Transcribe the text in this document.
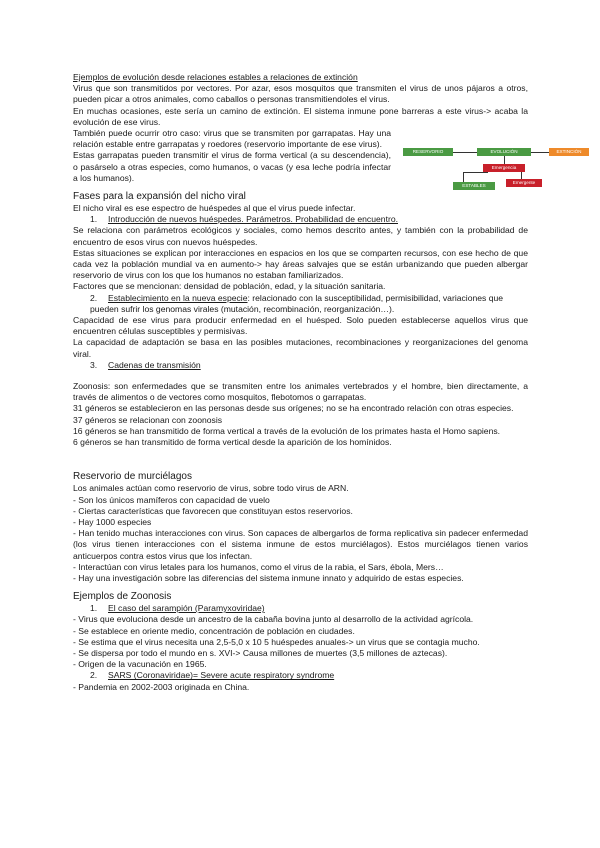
Ejemplos de evolución desde relaciones estables a relaciones de extinción

Virus que son transmitidos por vectores. Por azar, esos mosquitos que transmiten el virus de unos pájaros a otros, pueden picar a otros animales, como caballos o personas transmitiendoles el virus.

En muchas ocasiones, este sería un camino de extinción. El sistema inmune pone barreras a este virus-> acaba la evolución de ese virus.

También puede ocurrir otro caso: virus que se transmiten por garrapatas. Hay una relación estable entre garrapatas y roedores (reservorio importante de ese virus).

Estas garrapatas pueden transmitir el virus de forma vertical (a su descendencia), o pasárselo a otras especies, como humanos, o vacas (y esa leche podría infectar a los humanos).

Fases para la expansión del nicho viral

El nicho viral es ese espectro de huéspedes al que el virus puede infectar.

1. Introducción de nuevos huéspedes. Parámetros. Probabilidad de encuentro.

Se relaciona con parámetros ecológicos y sociales, como hemos descrito antes, y también con la probabilidad de encuentro de esos virus con nuevos huéspedes.

Estas situaciones se explican por interacciones en espacios en los que se comparten recursos, con ese hecho de que cada vez la población mundial va en aumento-> hay áreas salvajes que se están urbanizando que pueden albergar reservorio de virus con los que los humanos no estaban familiarizados.

Factores que se mencionan: densidad de población, edad, y la situación sanitaria.

2. Establecimiento en la nueva especie: relacionado con la susceptibilidad, permisibilidad, variaciones que pueden sufrir los genomas virales (mutación, recombinación, reorganización…).

Capacidad de ese virus para producir enfermedad en el huésped. Solo pueden establecerse aquellos virus que encuentren células susceptibles y permisivas.

La capacidad de adaptación se basa en las posibles mutaciones, recombinaciones y reorganizaciones del genoma viral.

3. Cadenas de transmisión

Zoonosis: son enfermedades que se transmiten entre los animales vertebrados y el hombre, bien directamente, a través de alimentos o de vectores como mosquitos, flebotomos o garrapatas.

31 géneros se establecieron en las personas desde sus orígenes; no se ha encontrado relación con otras especies.

37 géneros se relacionan con zoonosis

16 géneros se han transmitido de forma vertical a través de la evolución de los primates hasta el Homo sapiens.

6 géneros se han transmitido de forma vertical desde la aparición de los homínidos.

Reservorio de murciélagos

Los animales actúan como reservorio de virus, sobre todo virus de ARN.

- Son los únicos mamíferos con capacidad de vuelo

- Ciertas características que favorecen que constituyan estos reservorios.

- Hay 1000 especies

- Han tenido muchas interacciones con virus. Son capaces de albergarlos de forma replicativa sin padecer enfermedad (los virus tienen interacciones con el sistema inmune de estos murciélagos). Estos murciélagos tienen varios anticuerpos contra estos virus que los infectan.

- Interactúan con virus letales para los humanos, como el virus de la rabia, el Sars, ébola, Mers…

- Hay una investigación sobre las diferencias del sistema inmune innato y adquirido de estas especies.

Ejemplos de Zoonosis

1. El caso del sarampión (Paramyxoviridae)

- Virus que evoluciona desde un ancestro de la cabaña bovina junto al desarrollo de la actividad agrícola.

- Se establece en oriente medio, concentración de población en ciudades.

- Se estima que el virus necesita una 2,5-5,0 x 10 5 huéspedes anuales-> un virus que se contagia mucho.

- Se dispersa por todo el mundo en s. XVI-> Causa millones de muertes (3,5 millones de aztecas).

- Origen de la vacunación en 1965.

2. SARS (Coronaviridae)= Severe acute respiratory syndrome

- Pandemia en 2002-2003 originada en China.

RESERVORIO	EVOLUCIÓN	EXTINCIÓN
Emergencia
ESTABLES
Emergente
